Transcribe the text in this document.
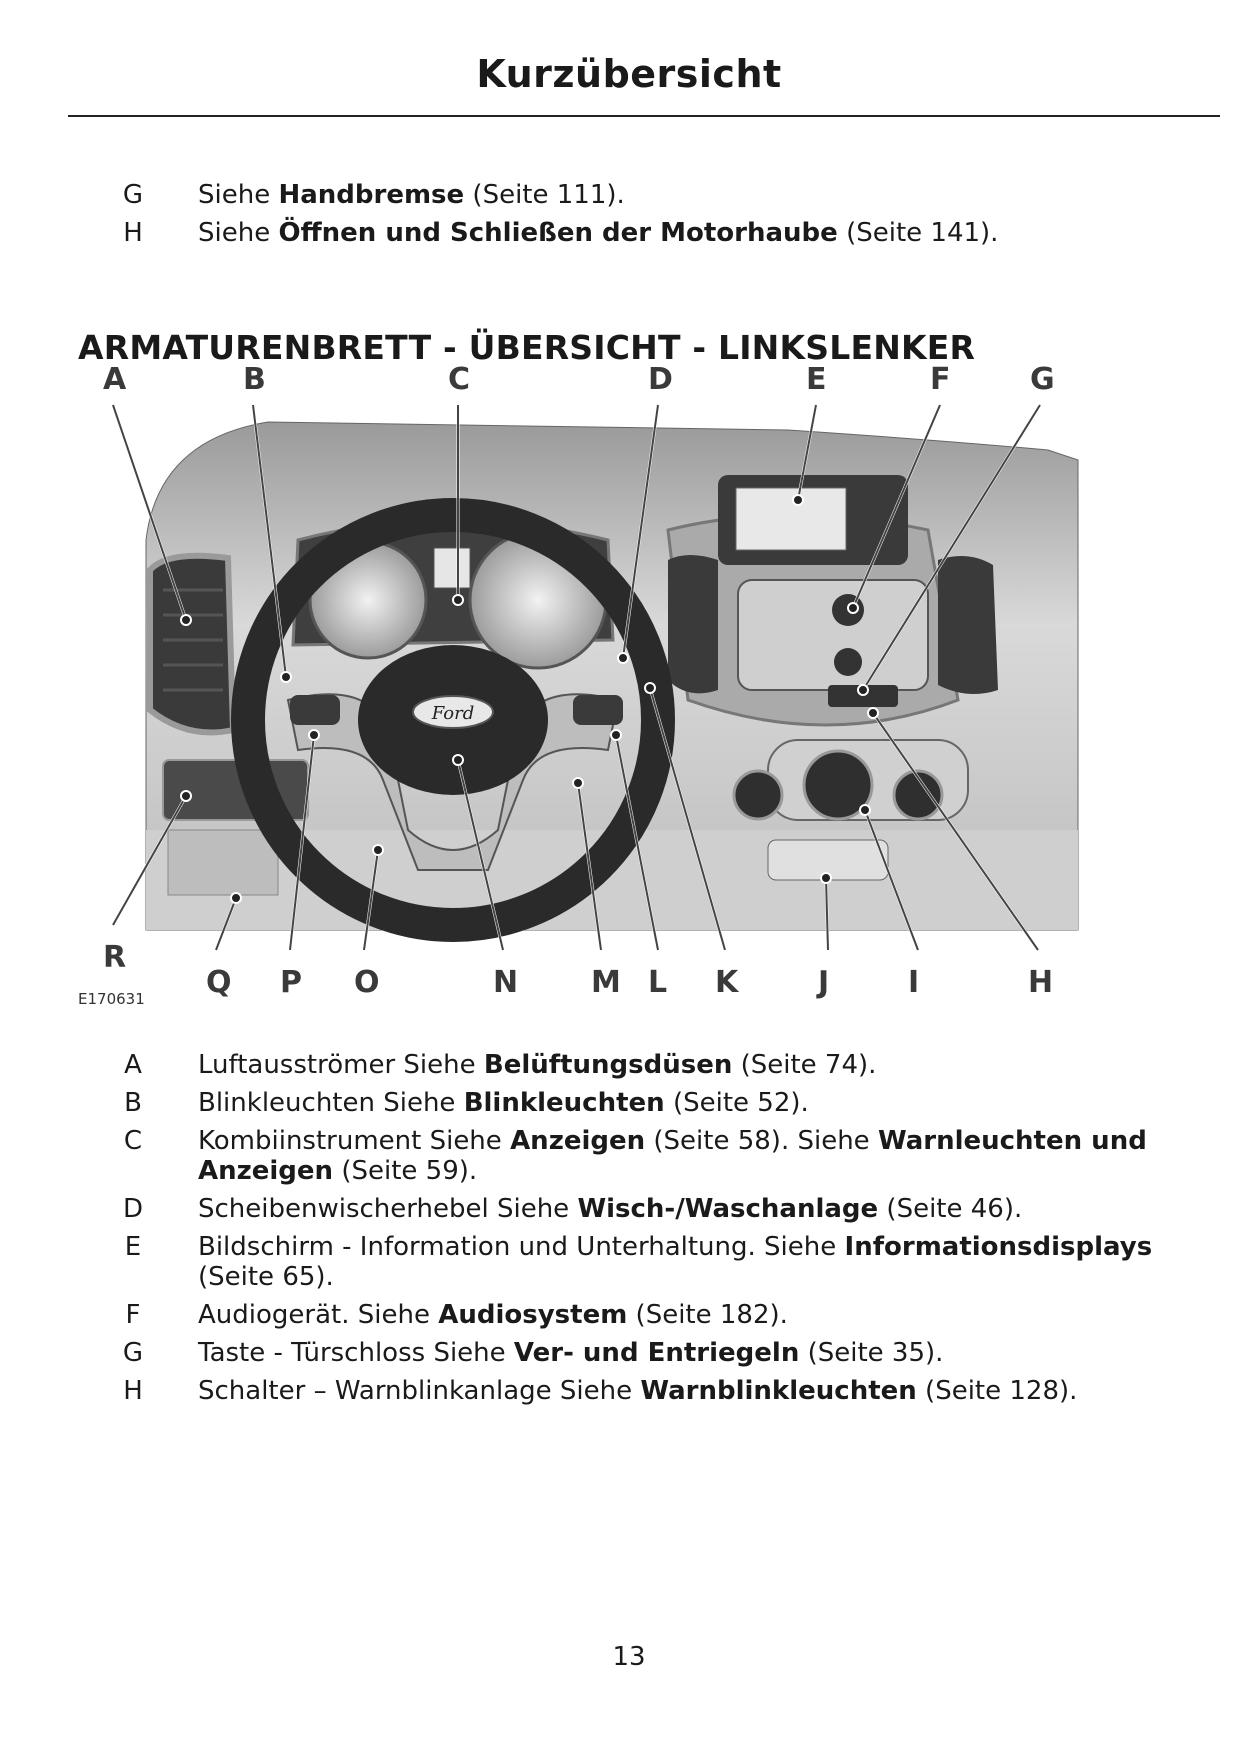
Kurzübersicht
G	Siehe Handbremse (Seite 111).
H	Siehe Öffnen und Schließen der Motorhaube (Seite 141).
ARMATURENBRETT - ÜBERSICHT - LINKSLENKER
Ford
A	B	C	D	E	F	G
R
Q P O	N M L K	J	I	H
E170631
A	Luftausströmer Siehe Belüftungsdüsen (Seite 74).
B	Blinkleuchten Siehe Blinkleuchten (Seite 52).
C	Kombiinstrument Siehe Anzeigen (Seite 58). Siehe Warnleuchten und Anzeigen (Seite 59).
D	Scheibenwischerhebel Siehe Wisch-/Waschanlage (Seite 46).
E	Bildschirm - Information und Unterhaltung. Siehe Informationsdisplays (Seite 65).
F	Audiogerät. Siehe Audiosystem (Seite 182).
G	Taste - Türschloss Siehe Ver- und Entriegeln (Seite 35).
H	Schalter – Warnblinkanlage Siehe Warnblinkleuchten (Seite 128).
13
